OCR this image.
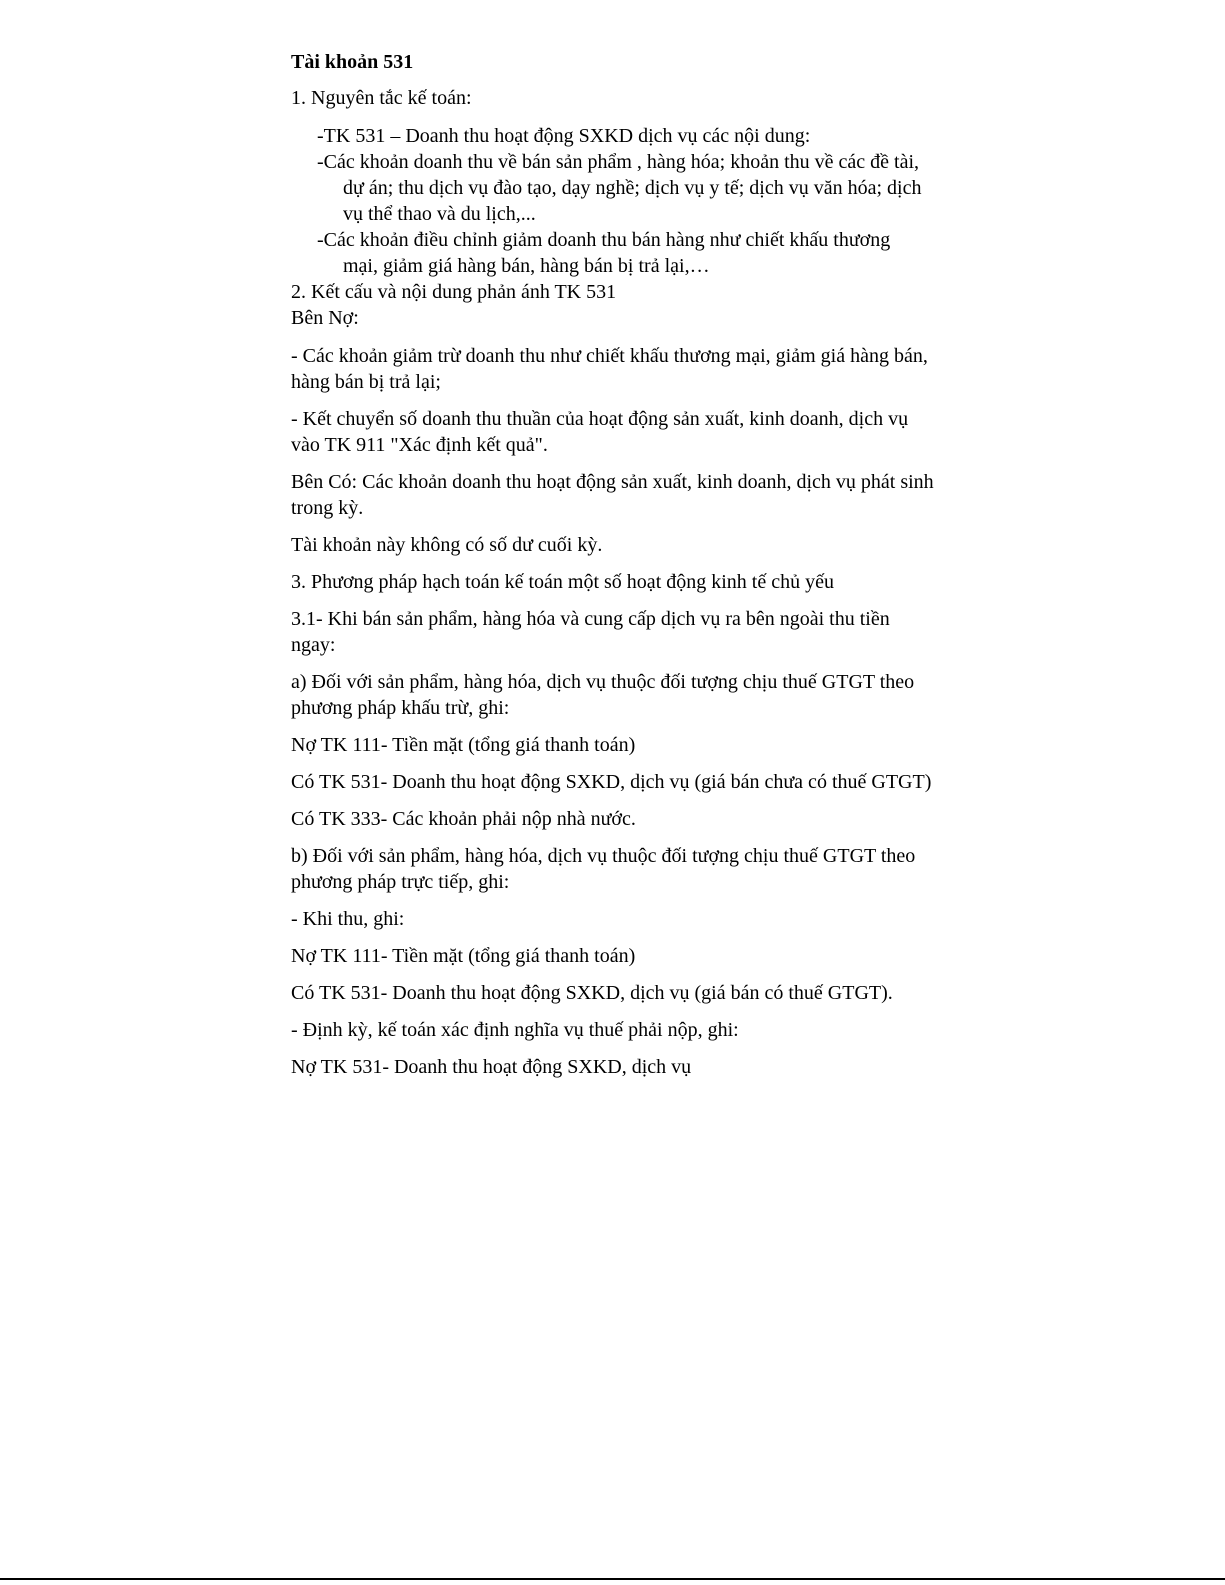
Tài khoản 531
1. Nguyên tắc kế toán:
-TK 531 – Doanh thu hoạt động SXKD dịch vụ các nội dung:
-Các khoản doanh thu về bán sản phẩm , hàng hóa; khoản thu về các đề tài,
dự án; thu dịch vụ đào tạo, dạy nghề; dịch vụ y tế; dịch vụ văn hóa; dịch
vụ thể thao và du lịch,...
-Các khoản điều chỉnh giảm doanh thu bán hàng như chiết khấu thương
mại, giảm giá hàng bán, hàng bán bị trả lại,…
2. Kết cấu và nội dung phản ánh TK 531
Bên Nợ:
- Các khoản giảm trừ doanh thu như chiết khấu thương mại, giảm giá hàng bán,
hàng bán bị trả lại;
- Kết chuyển số doanh thu thuần của hoạt động sản xuất, kinh doanh, dịch vụ
vào TK 911 "Xác định kết quả".
Bên Có: Các khoản doanh thu hoạt động sản xuất, kinh doanh, dịch vụ phát sinh
trong kỳ.
Tài khoản này không có số dư cuối kỳ.
3. Phương pháp hạch toán kế toán một số hoạt động kinh tế chủ yếu
3.1- Khi bán sản phẩm, hàng hóa và cung cấp dịch vụ ra bên ngoài thu tiền
ngay:
a) Đối với sản phẩm, hàng hóa, dịch vụ thuộc đối tượng chịu thuế GTGT theo
phương pháp khấu trừ, ghi:
Nợ TK 111- Tiền mặt (tổng giá thanh toán)
Có TK 531- Doanh thu hoạt động SXKD, dịch vụ (giá bán chưa có thuế GTGT)
Có TK 333- Các khoản phải nộp nhà nước.
b) Đối với sản phẩm, hàng hóa, dịch vụ thuộc đối tượng chịu thuế GTGT theo
phương pháp trực tiếp, ghi:
- Khi thu, ghi:
Nợ TK 111- Tiền mặt (tổng giá thanh toán)
Có TK 531- Doanh thu hoạt động SXKD, dịch vụ (giá bán có thuế GTGT).
- Định kỳ, kế toán xác định nghĩa vụ thuế phải nộp, ghi:
Nợ TK 531- Doanh thu hoạt động SXKD, dịch vụ
